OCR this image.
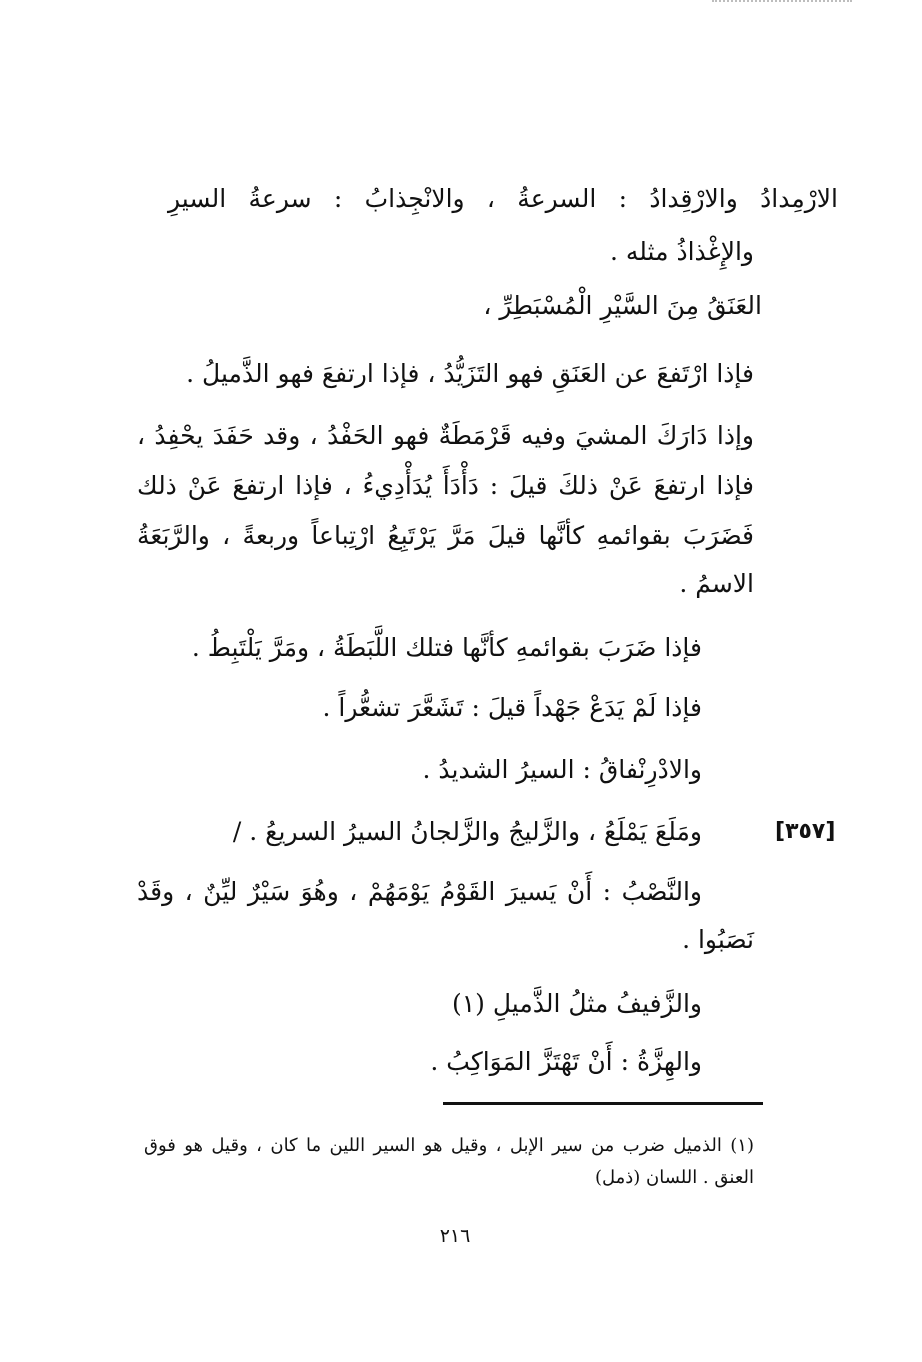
الارْمِدادُ والارْقِدادُ : السرعةُ ، والانْجِذابُ : سرعةُ السيرِ
والإِغْذاذُ مثله .
العَنَقُ مِنَ السَّيْرِ الْمُسْبَطِرِّ ،
فإذا ارْتَفعَ عن العَنَقِ فهو التَزَيُّدُ ، فإذا ارتفعَ فهو الذَّميلُ .
وإذا دَارَكَ المشيَ وفيه قَرْمَطَةٌ فهو الحَفْدُ ، وقد حَفَدَ يحْفِدُ ،
فإذا ارتفعَ عَنْ ذلكَ قيلَ : دَأْدَأَ يُدَأْدِيءُ ، فإذا ارتفعَ عَنْ ذلك
فَضَرَبَ بقوائمهِ كأنَّها قيلَ مَرَّ يَرْتَبِعُ ارْتِباعاً وربعةً ، والرَّبَعَةُ
الاسمُ .
فإذا ضَرَبَ بقوائمهِ كأنَّها فتلك اللَّبَطَةُ ، ومَرَّ يَلْتَبِطُ .
فإذا لَمْ يَدَعْ جَهْداً قيلَ : تَشَعَّرَ تشعُّراً .
والادْرِنْفاقُ : السيرُ الشديدُ .
ومَلَعَ يَمْلَعُ ، والزَّليجُ والزَّلجانُ السيرُ السريعُ . /	[٣٥٧]
والنَّصْبُ : أَنْ يَسيرَ القَوْمُ يَوْمَهُمْ ، وهُوَ سَيْرٌ ليِّنٌ ، وقَدْ
نَصَبُوا .
والزَّفيفُ مثلُ الذَّميلِ (١)
والهِزَّةُ : أَنْ تَهْتَزَّ المَوَاكِبُ .
(١) الذميل ضرب من سير الإبل ، وقيل هو السير اللين ما كان ، وقيل هو فوق
العنق . اللسان (ذمل)
٢١٦
